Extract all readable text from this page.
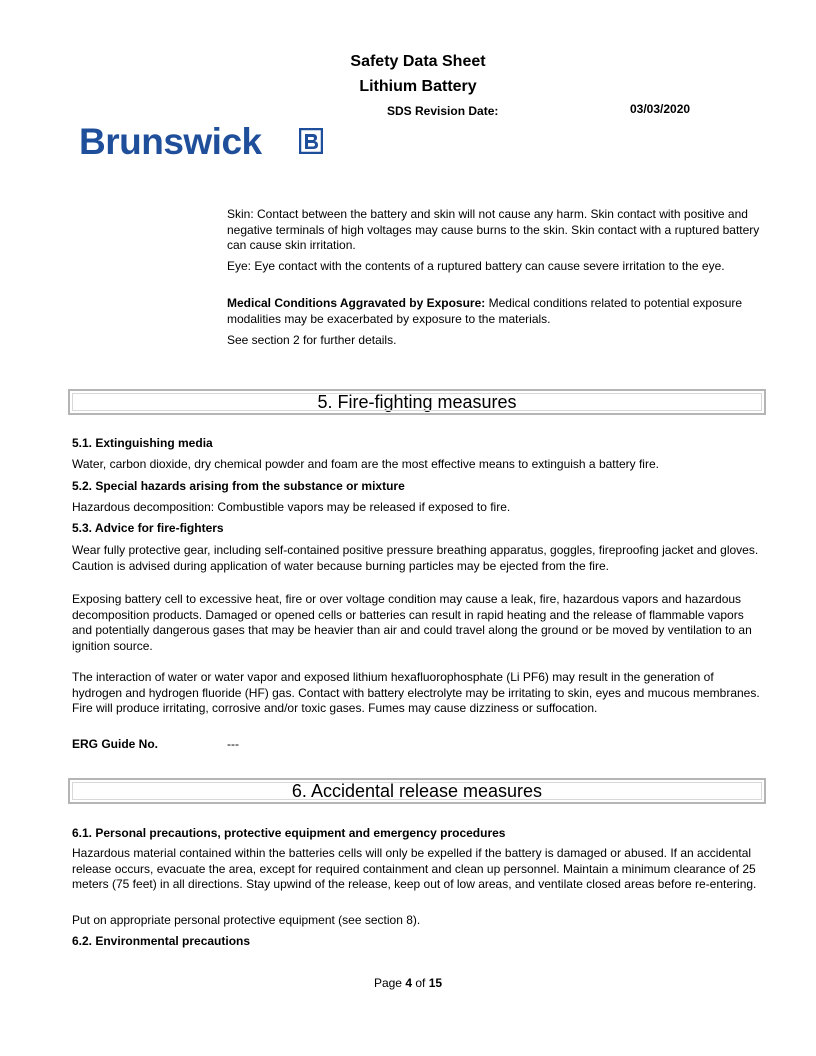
Safety Data Sheet
Lithium Battery
SDS Revision Date:	03/03/2020
Brunswick
Skin: Contact between the battery and skin will not cause any harm. Skin contact with positive and negative terminals of high voltages may cause burns to the skin. Skin contact with a ruptured battery can cause skin irritation.
Eye: Eye contact with the contents of a ruptured battery can cause severe irritation to the eye.
Medical Conditions Aggravated by Exposure: Medical conditions related to potential exposure modalities may be exacerbated by exposure to the materials.
See section 2 for further details.
5. Fire-fighting measures
5.1. Extinguishing media
Water, carbon dioxide, dry chemical powder and foam are the most effective means to extinguish a battery fire.
5.2. Special hazards arising from the substance or mixture
Hazardous decomposition: Combustible vapors may be released if exposed to fire.
5.3. Advice for fire-fighters
Wear fully protective gear, including self-contained positive pressure breathing apparatus, goggles, fireproofing jacket and gloves. Caution is advised during application of water because burning particles may be ejected from the fire.
Exposing battery cell to excessive heat, fire or over voltage condition may cause a leak, fire, hazardous vapors and hazardous decomposition products. Damaged or opened cells or batteries can result in rapid heating and the release of flammable vapors and potentially dangerous gases that may be heavier than air and could travel along the ground or be moved by ventilation to an ignition source.
The interaction of water or water vapor and exposed lithium hexafluorophosphate (Li PF6) may result in the generation of hydrogen and hydrogen fluoride (HF) gas. Contact with battery electrolyte may be irritating to skin, eyes and mucous membranes. Fire will produce irritating, corrosive and/or toxic gases. Fumes may cause dizziness or suffocation.
ERG Guide No.	---
6. Accidental release measures
6.1. Personal precautions, protective equipment and emergency procedures
Hazardous material contained within the batteries cells will only be expelled if the battery is damaged or abused. If an accidental release occurs, evacuate the area, except for required containment and clean up personnel. Maintain a minimum clearance of 25 meters (75 feet) in all directions. Stay upwind of the release, keep out of low areas, and ventilate closed areas before re-entering.
Put on appropriate personal protective equipment (see section 8).
6.2. Environmental precautions
Page 4 of 15
